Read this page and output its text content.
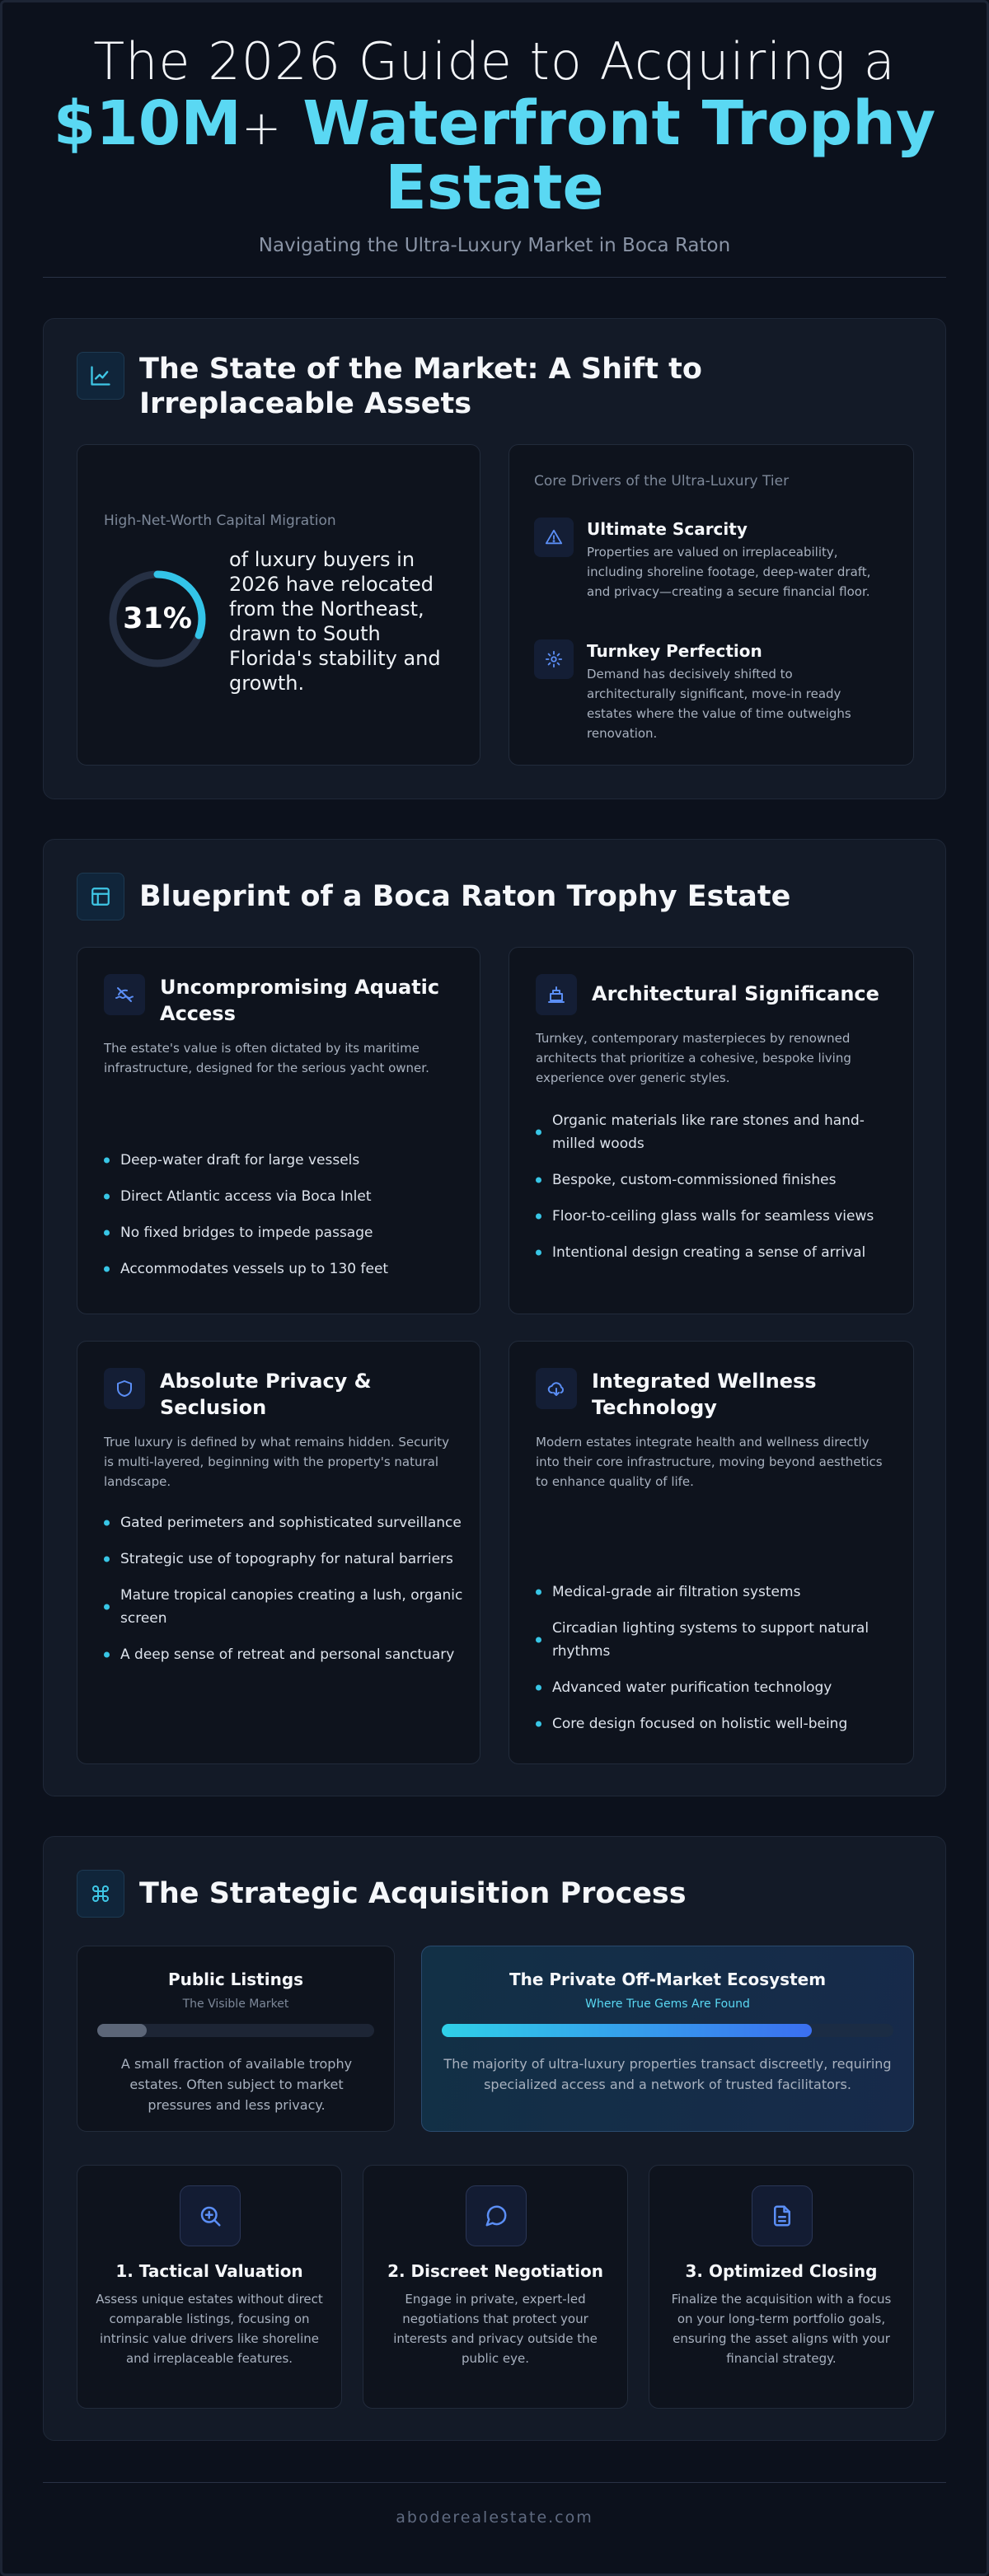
The 2026 Guide to Acquiring a
$10M+ Waterfront Trophy
Estate
Navigating the Ultra-Luxury Market in Boca Raton
The State of the Market: A Shift to Irreplaceable Assets
High-Net-Worth Capital Migration
31%
of luxury buyers in 2026 have relocated from the Northeast, drawn to South Florida's stability and growth.
Core Drivers of the Ultra-Luxury Tier
Ultimate Scarcity
Properties are valued on irreplaceability, including shoreline footage, deep-water draft, and privacy—creating a secure financial floor.
Turnkey Perfection
Demand has decisively shifted to architecturally significant, move-in ready estates where the value of time outweighs renovation.
Blueprint of a Boca Raton Trophy Estate
Uncompromising Aquatic Access
The estate's value is often dictated by its maritime infrastructure, designed for the serious yacht owner.
Deep-water draft for large vessels
Direct Atlantic access via Boca Inlet
No fixed bridges to impede passage
Accommodates vessels up to 130 feet
Architectural Significance
Turnkey, contemporary masterpieces by renowned architects that prioritize a cohesive, bespoke living experience over generic styles.
Organic materials like rare stones and hand-milled woods
Bespoke, custom-commissioned finishes
Floor-to-ceiling glass walls for seamless views
Intentional design creating a sense of arrival
Absolute Privacy & Seclusion
True luxury is defined by what remains hidden. Security is multi-layered, beginning with the property's natural landscape.
Gated perimeters and sophisticated surveillance
Strategic use of topography for natural barriers
Mature tropical canopies creating a lush, organic screen
A deep sense of retreat and personal sanctuary
Integrated Wellness Technology
Modern estates integrate health and wellness directly into their core infrastructure, moving beyond aesthetics to enhance quality of life.
Medical-grade air filtration systems
Circadian lighting systems to support natural rhythms
Advanced water purification technology
Core design focused on holistic well-being
The Strategic Acquisition Process
Public Listings
The Visible Market
A small fraction of available trophy estates. Often subject to market pressures and less privacy.
The Private Off-Market Ecosystem
Where True Gems Are Found
The majority of ultra-luxury properties transact discreetly, requiring specialized access and a network of trusted facilitators.
1. Tactical Valuation
Assess unique estates without direct comparable listings, focusing on intrinsic value drivers like shoreline and irreplaceable features.
2. Discreet Negotiation
Engage in private, expert-led negotiations that protect your interests and privacy outside the public eye.
3. Optimized Closing
Finalize the acquisition with a focus on your long-term portfolio goals, ensuring the asset aligns with your financial strategy.
aboderealestate.com
